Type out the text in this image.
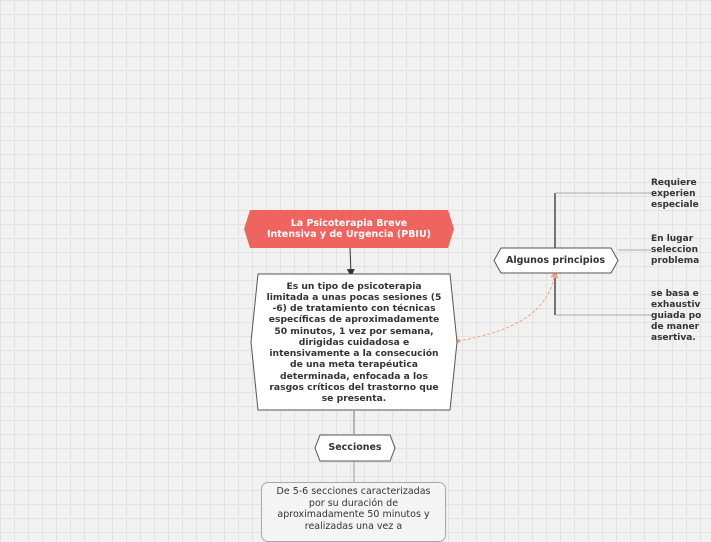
La Psicoterapia Breve Intensiva y de Urgencia (PBIU)
Es un tipo de psicoterapia limitada a unas pocas sesiones (5 -6) de tratamiento con técnicas específicas de aproximadamente 50 minutos, 1 vez por semana, dirigidas cuidadosa e intensivamente a la consecución de una meta terapéutica determinada, enfocada a los rasgos críticos del trastorno que se presenta.
Algunos principios
Secciones
De 5-6 secciones caracterizadas por su duración de aproximadamente 50 minutos y realizadas una vez a
Requiere
experien
especiale
En lugar
seleccion
problema
se basa e
exhaustiv
guiada po
de maner
asertiva.
